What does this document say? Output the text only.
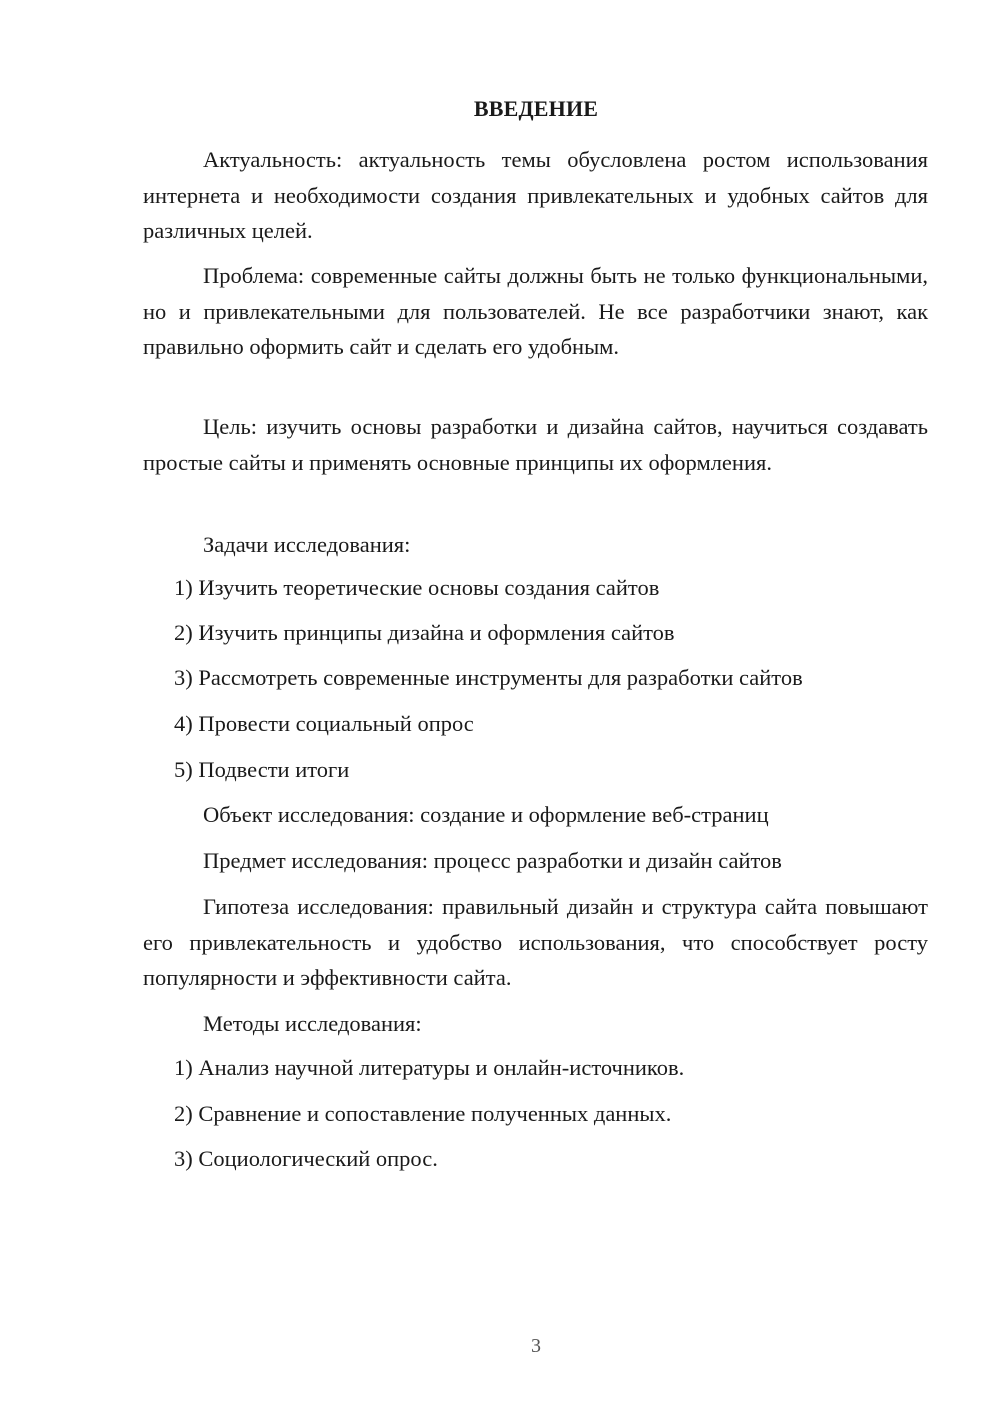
ВВЕДЕНИЕ
Актуальность: актуальность темы обусловлена ростом использования интернета и необходимости создания привлекательных и удобных сайтов для различных целей.
Проблема: современные сайты должны быть не только функциональными, но и привлекательными для пользователей. Не все разработчики знают, как правильно оформить сайт и сделать его удобным.
Цель: изучить основы разработки и дизайна сайтов, научиться создавать простые сайты и применять основные принципы их оформления.
Задачи исследования:
1) Изучить теоретические основы создания сайтов
2) Изучить принципы дизайна и оформления сайтов
3) Рассмотреть современные инструменты для разработки сайтов
4) Провести социальный опрос
5) Подвести итоги
Объект исследования: создание и оформление веб-страниц
Предмет исследования: процесс разработки и дизайн сайтов
Гипотеза исследования: правильный дизайн и структура сайта повышают его привлекательность и удобство использования, что способствует росту популярности и эффективности сайта.
Методы исследования:
1) Анализ научной литературы и онлайн-источников.
2) Сравнение и сопоставление полученных данных.
3) Социологический опрос.
3
